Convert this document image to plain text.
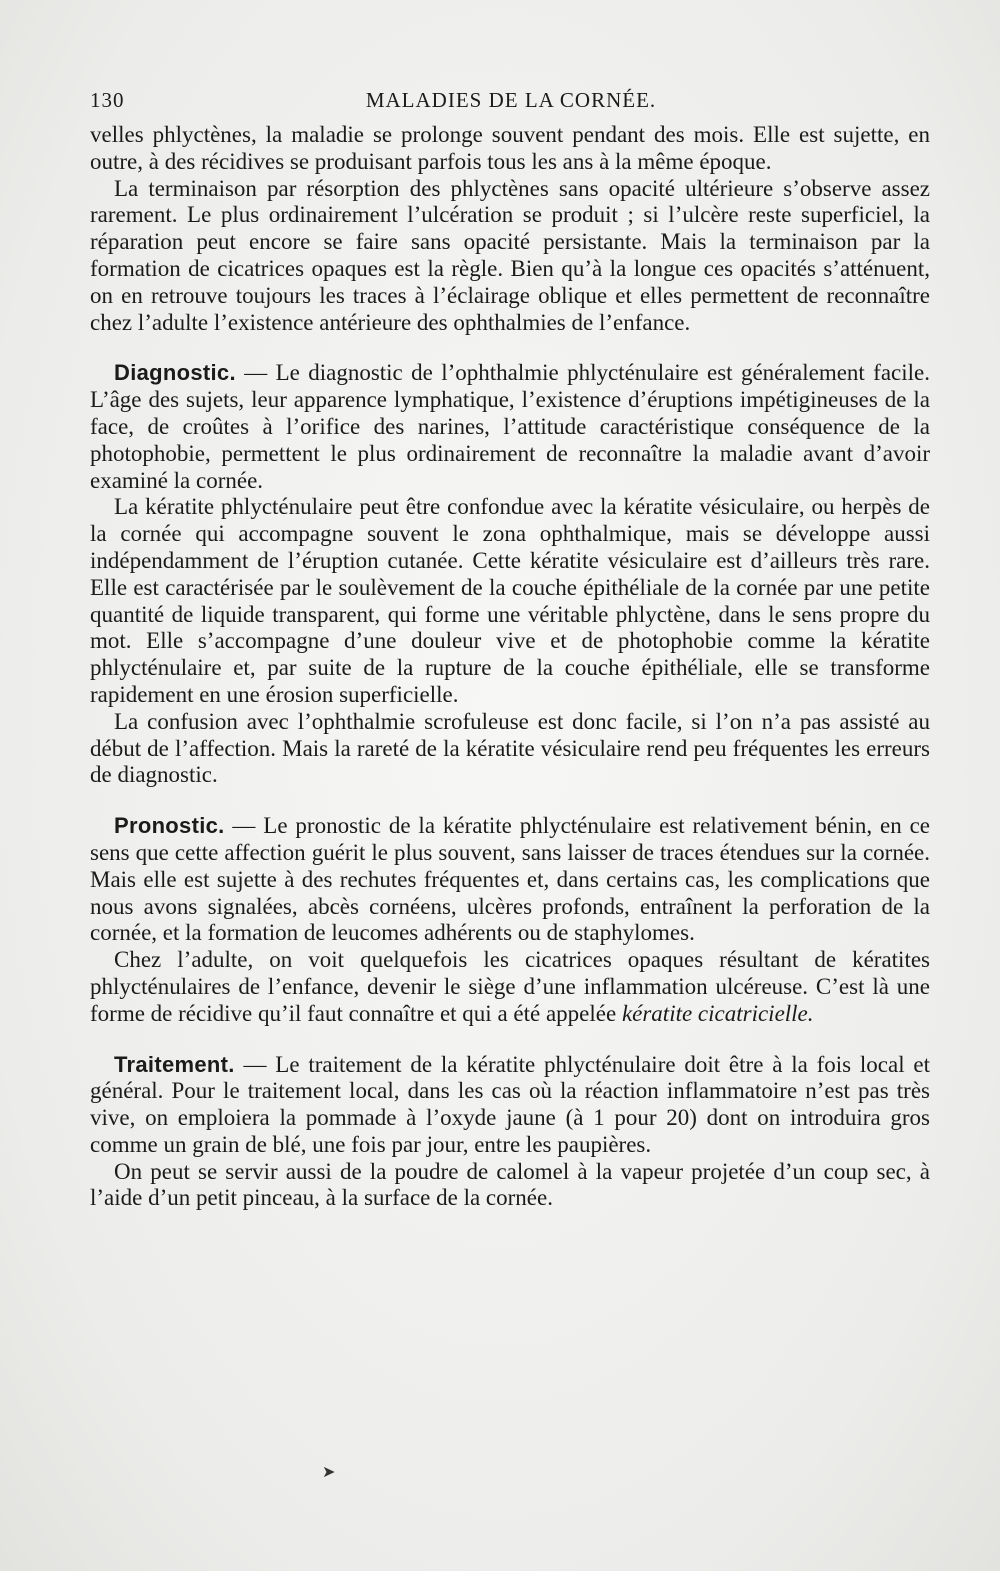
130	MALADIES DE LA CORNÉE.

velles phlyctènes, la maladie se prolonge souvent pendant des mois. Elle est sujette, en outre, à des récidives se produisant parfois tous les ans à la même époque.

La terminaison par résorption des phlyctènes sans opacité ultérieure s’observe assez rarement. Le plus ordinairement l’ulcération se produit ; si l’ulcère reste superficiel, la réparation peut encore se faire sans opacité persistante. Mais la terminaison par la formation de cicatrices opaques est la règle. Bien qu’à la longue ces opacités s’atténuent, on en retrouve toujours les traces à l’éclairage oblique et elles permettent de reconnaître chez l’adulte l’existence antérieure des ophthalmies de l’enfance.

Diagnostic. — Le diagnostic de l’ophthalmie phlycténulaire est généralement facile. L’âge des sujets, leur apparence lymphatique, l’existence d’éruptions impétigineuses de la face, de croûtes à l’orifice des narines, l’attitude caractéristique conséquence de la photophobie, permettent le plus ordinairement de reconnaître la maladie avant d’avoir examiné la cornée.

La kératite phlycténulaire peut être confondue avec la kératite vésiculaire, ou herpès de la cornée qui accompagne souvent le zona ophthalmique, mais se développe aussi indépendamment de l’éruption cutanée. Cette kératite vésiculaire est d’ailleurs très rare. Elle est caractérisée par le soulèvement de la couche épithéliale de la cornée par une petite quantité de liquide transparent, qui forme une véritable phlyctène, dans le sens propre du mot. Elle s’accompagne d’une douleur vive et de photophobie comme la kératite phlycténulaire et, par suite de la rupture de la couche épithéliale, elle se transforme rapidement en une érosion superficielle.

La confusion avec l’ophthalmie scrofuleuse est donc facile, si l’on n’a pas assisté au début de l’affection. Mais la rareté de la kératite vésiculaire rend peu fréquentes les erreurs de diagnostic.

Pronostic. — Le pronostic de la kératite phlycténulaire est relativement bénin, en ce sens que cette affection guérit le plus souvent, sans laisser de traces étendues sur la cornée. Mais elle est sujette à des rechutes fréquentes et, dans certains cas, les complications que nous avons signalées, abcès cornéens, ulcères profonds, entraînent la perforation de la cornée, et la formation de leucomes adhérents ou de staphylomes.

Chez l’adulte, on voit quelquefois les cicatrices opaques résultant de kératites phlycténulaires de l’enfance, devenir le siège d’une inflammation ulcéreuse. C’est là une forme de récidive qu’il faut connaître et qui a été appelée kératite cicatricielle.

Traitement. — Le traitement de la kératite phlycténulaire doit être à la fois local et général. Pour le traitement local, dans les cas où la réaction inflammatoire n’est pas très vive, on emploiera la pommade à l’oxyde jaune (à 1 pour 20) dont on introduira gros comme un grain de blé, une fois par jour, entre les paupières.

On peut se servir aussi de la poudre de calomel à la vapeur projetée d’un coup sec, à l’aide d’un petit pinceau, à la surface de la cornée.

➤
